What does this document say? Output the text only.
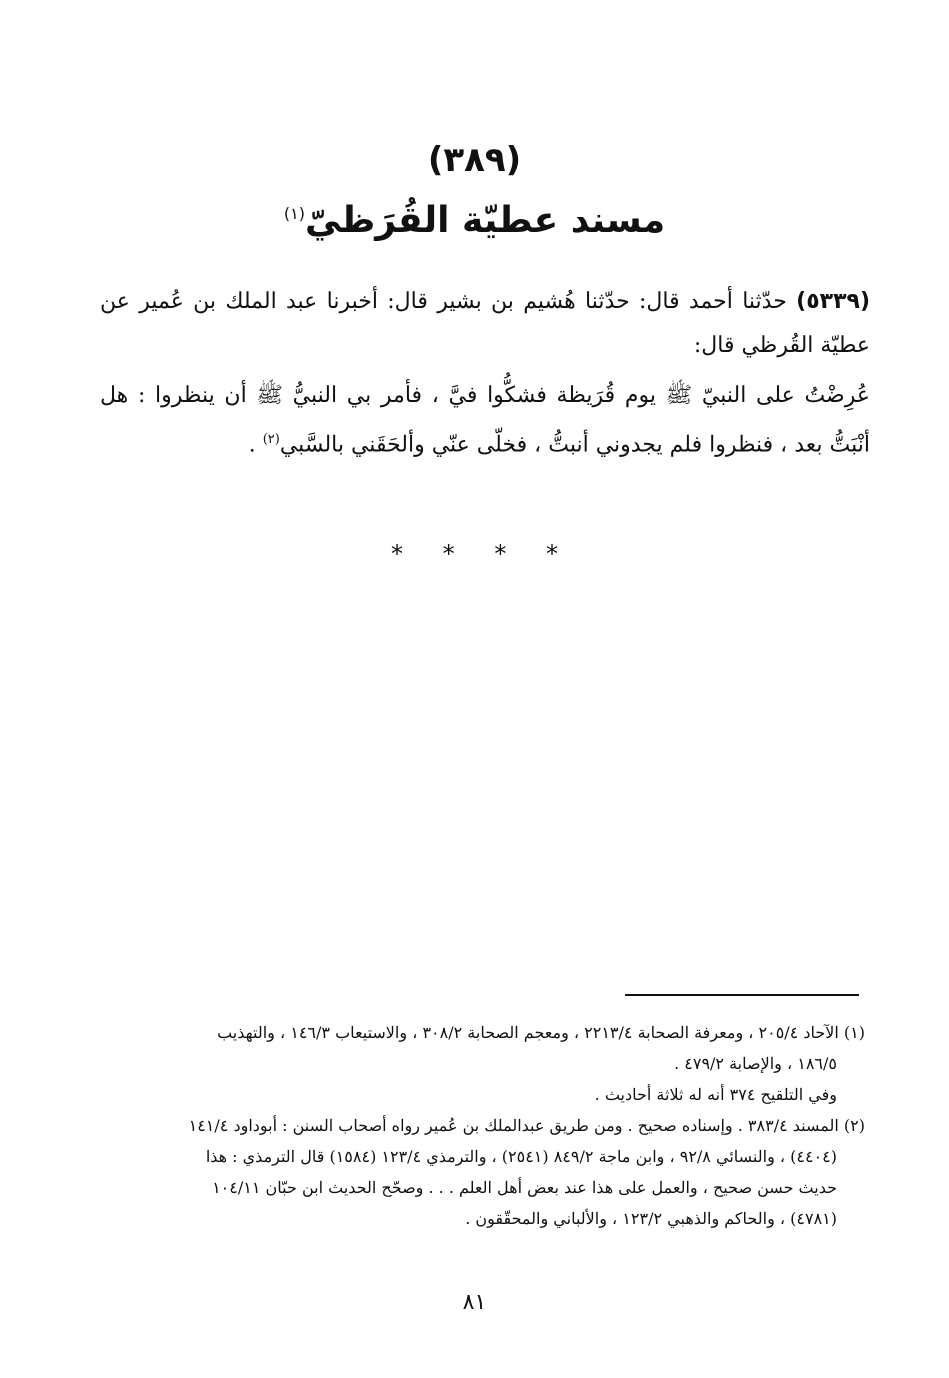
(٣٨٩)
مسند عطيّة القُرَظيّ$^{(١)}$

(٥٣٣٩) حدّثنا أحمد قال: حدّثنا هُشيم بن بشير قال: أخبرنا عبد الملك بن عُمير عن عطيّة القُرظي قال:

عُرِضْتُ على النبيّ ﷺ يوم قُرَيظة فشكُّوا فيَّ ، فأمر بي النبيُّ ﷺ أن ينظروا : هل أنْبَتُّ بعد ، فنظروا فلم يجدوني أنبتُّ ، فخلّى عنّي وألحَقَني بالسَّبي$^{(٢)}$ .

* * * *

(١) الآحاد ٢٠٥/٤ ، ومعرفة الصحابة ٢٢١٣/٤ ، ومعجم الصحابة ٣٠٨/٢ ، والاستيعاب ١٤٦/٣ ، والتهذيب

١٨٦/٥ ، والإصابة ٤٧٩/٢ .

وفي التلقيح ٣٧٤ أنه له ثلاثة أحاديث .

(٢) المسند ٣٨٣/٤ . وإسناده صحيح . ومن طريق عبدالملك بن عُمير رواه أصحاب السنن : أبوداود ١٤١/٤

(٤٤٠٤) ، والنسائي ٩٢/٨ ، وابن ماجة ٨٤٩/٢ (٢٥٤١) ، والترمذي ١٢٣/٤ (١٥٨٤) قال الترمذي : هذا

حديث حسن صحيح ، والعمل على هذا عند بعض أهل العلم . . . وصحّح الحديث ابن حبّان ١٠٤/١١

(٤٧٨١) ، والحاكم والذهبي ١٢٣/٢ ، والألباني والمحقّقون .

٨١
